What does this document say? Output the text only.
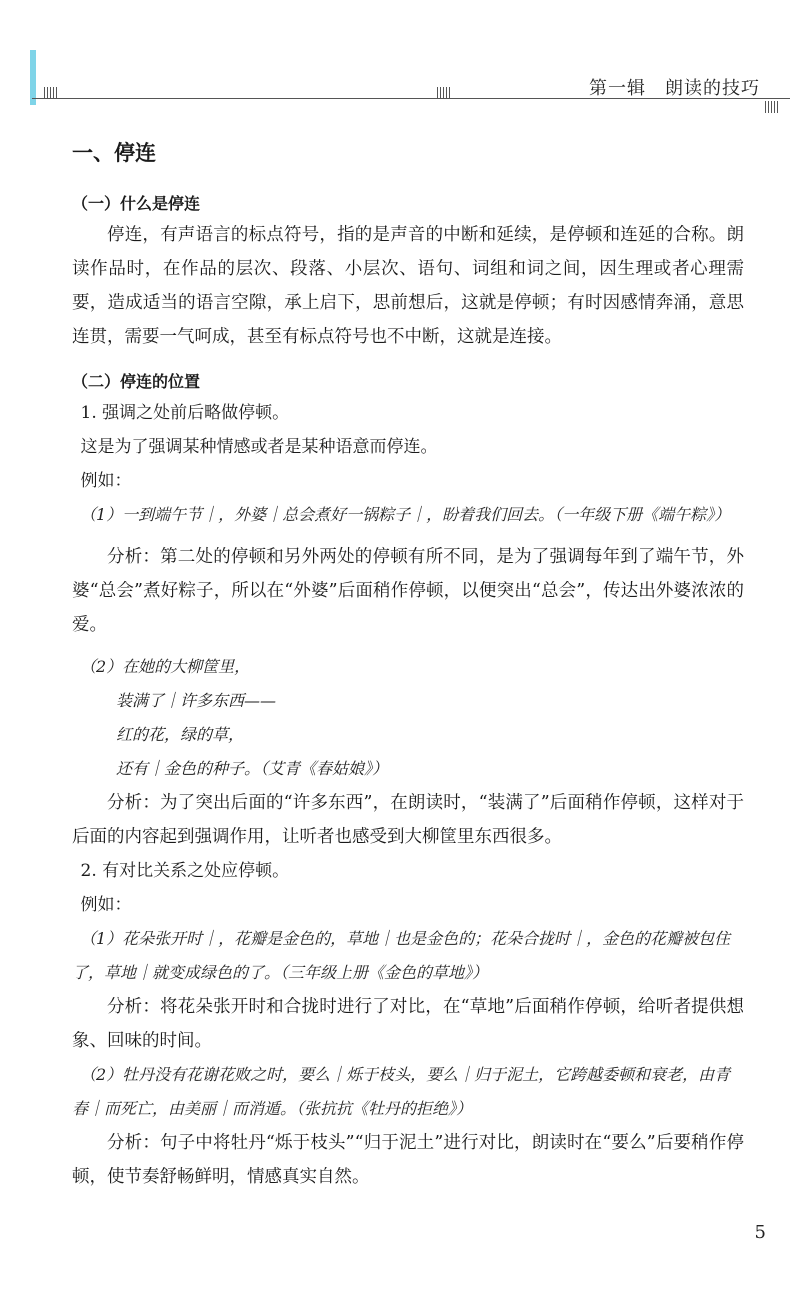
第一辑　朗读的技巧
一、停连
（一）什么是停连

停连，有声语言的标点符号，指的是声音的中断和延续，是停顿和连延的合称。朗读作品时，在作品的层次、段落、小层次、语句、词组和词之间，因生理或者心理需要，造成适当的语言空隙，承上启下，思前想后，这就是停顿；有时因感情奔涌，意思连贯，需要一气呵成，甚至有标点符号也不中断，这就是连接。

（二）停连的位置

1. 强调之处前后略做停顿。

这是为了强调某种情感或者是某种语意而停连。

例如：

（1）一到端午节｜，外婆｜总会煮好一锅粽子｜，盼着我们回去。（一年级下册《端午粽》）

分析：第二处的停顿和另外两处的停顿有所不同，是为了强调每年到了端午节，外婆“总会”煮好粽子，所以在“外婆”后面稍作停顿，以便突出“总会”，传达出外婆浓浓的爱。

（2）在她的大柳筐里，

装满了｜许多东西——

红的花，绿的草，

还有｜金色的种子。（艾青《春姑娘》）

分析：为了突出后面的“许多东西”，在朗读时，“装满了”后面稍作停顿，这样对于后面的内容起到强调作用，让听者也感受到大柳筐里东西很多。

2. 有对比关系之处应停顿。

例如：

（1）花朵张开时｜，花瓣是金色的，草地｜也是金色的；花朵合拢时｜，金色的花瓣被包住了，草地｜就变成绿色的了。（三年级上册《金色的草地》）

分析：将花朵张开时和合拢时进行了对比，在“草地”后面稍作停顿，给听者提供想象、回味的时间。

（2）牡丹没有花谢花败之时，要么｜烁于枝头，要么｜归于泥土，它跨越委顿和衰老，由青春｜而死亡，由美丽｜而消遁。（张抗抗《牡丹的拒绝》）

分析：句子中将牡丹“烁于枝头”“归于泥土”进行对比，朗读时在“要么”后要稍作停顿，使节奏舒畅鲜明，情感真实自然。

5
